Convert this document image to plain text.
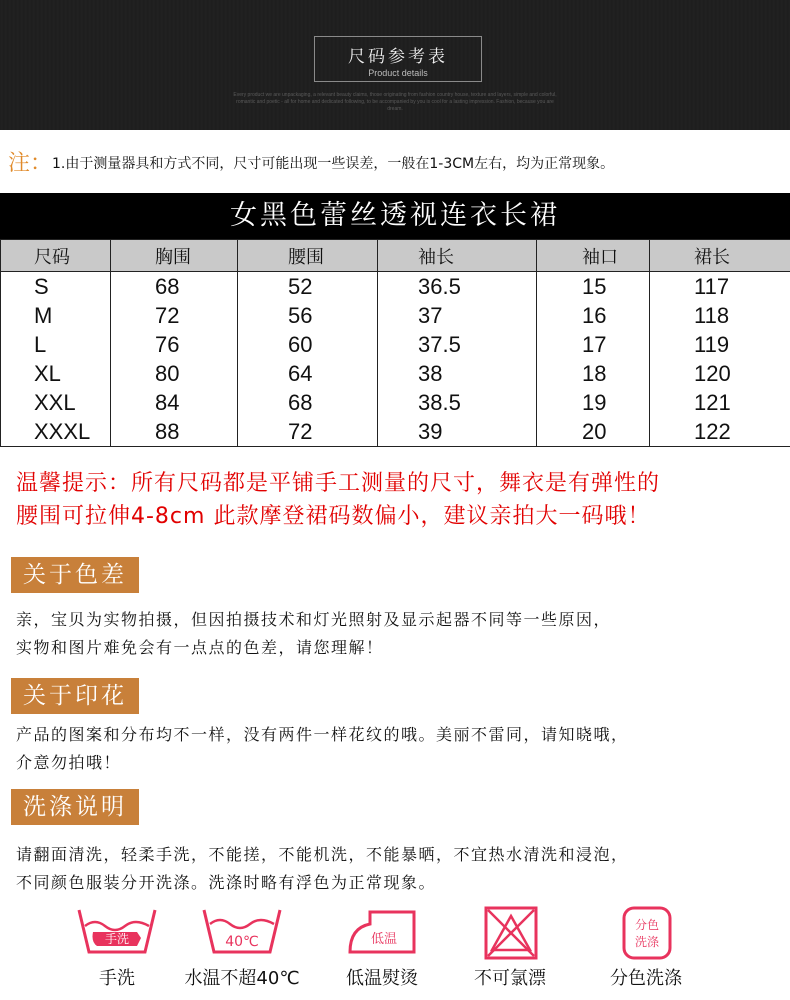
尺码参考表
Product details
Every product we are unpackaging, a relevant beauty claims, those originating from fashion country house, texture and layers, simple and colorful, romantic and poetic - all for home and dedicated following, to be accompanied by you is cool for a lasting impression. Fashion, because you are dream.
注：1.由于测量器具和方式不同，尺寸可能出现一些误差，一般在1-3CM左右，均为正常现象。
女黑色蕾丝透视连衣长裙
尺码	胸围	腰围	袖长	袖口	裙长
S	68	52	36.5	15	117
M	72	56	37	16	118
L	76	60	37.5	17	119
XL	80	64	38	18	120
XXL	84	68	38.5	19	121
XXXL	88	72	39	20	122
温馨提示：所有尺码都是平铺手工测量的尺寸，舞衣是有弹性的
腰围可拉伸4-8cm 此款摩登裙码数偏小，建议亲拍大一码哦！
关于色差
亲，宝贝为实物拍摄，但因拍摄技术和灯光照射及显示起器不同等一些原因，
实物和图片难免会有一点点的色差，请您理解！
关于印花
产品的图案和分布均不一样，没有两件一样花纹的哦。美丽不雷同，请知晓哦，
介意勿拍哦！
洗涤说明
请翻面清洗，轻柔手洗，不能搓，不能机洗，不能暴晒，不宜热水清洗和浸泡，
不同颜色服装分开洗涤。洗涤时略有浮色为正常现象。
手洗
手洗
40℃
水温不超40℃
低温
低温熨烫	不可氯漂
分色
洗涤
分色洗涤
